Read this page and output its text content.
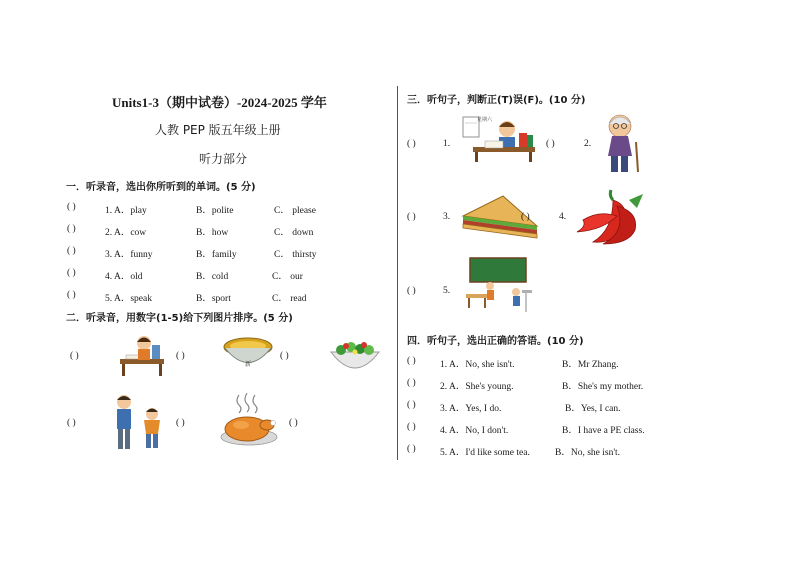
Units1-3（期中试卷）-2024-2025 学年
人教 PEP 版五年级上册
听力部分
一．听录音，选出你所听到的单词。(5 分)
( )	1. A．play	B．polite	C． please
( )	2. A．cow	B．how	C． down
( )	3. A．funny	B．family	C． thirsty
( )	4. A．old	B．cold	C． our
( )	5. A．speak	B．sport	C． read
二．听录音，用数字(1-5)给下列图片排序。(5 分)
( )	( )
新
( )
( )	( )	( )
三．听句子，判断正(T)误(F)。(10 分)
( )	1.
星期六
( )	2.
( )	3.	( )	4.
( )	5.
四．听句子，选出正确的答语。(10 分)
( )	1. A．No, she isn't.	B．Mr Zhang.
( )	2. A．She's young.	B．She's my mother.
( )	3. A．Yes, I do.	B．Yes, I can.
( )	4. A．No, I don't.	B．I have a PE class.
( )	5. A．I'd like some tea.	B．No, she isn't.
